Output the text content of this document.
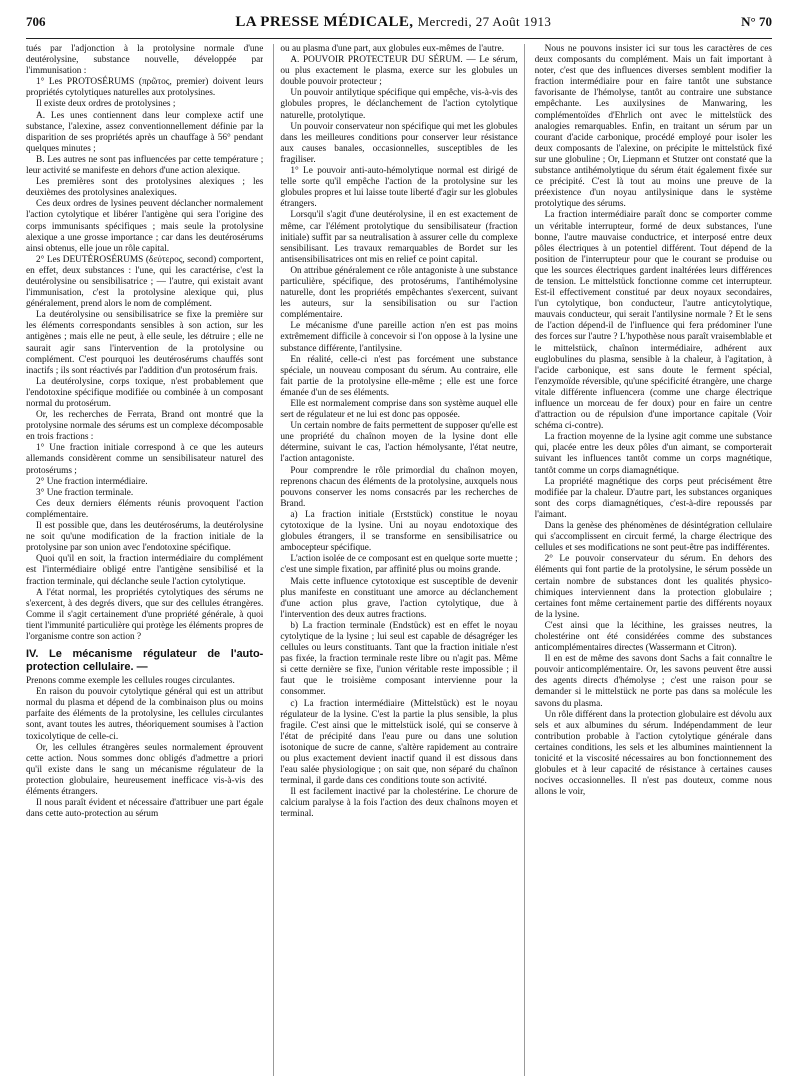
706	LA PRESSE MÉDICALE, Mercredi, 27 Août 1913	N° 70

tués par l'adjonction à la protolysine normale d'une deutérolysine, substance nouvelle, développée par l'immunisation :

1° Les PROTOSÉRUMS (πρῶτος, premier) doivent leurs propriétés cytolytiques naturelles aux protolysines.

Il existe deux ordres de protolysines ;

A. Les unes contiennent dans leur complexe actif une substance, l'alexine, assez conventionnellement définie par la disparition de ses propriétés après un chauffage à 56° pendant quelques minutes ;

B. Les autres ne sont pas influencées par cette température ; leur activité se manifeste en dehors d'une action alexique.

Les premières sont des protolysines alexiques ; les deuxièmes des protolysines analexiques.

Ces deux ordres de lysines peuvent déclancher normalement l'action cytolytique et libérer l'antigène qui sera l'origine des corps immunisants spécifiques ; mais seule la protolysine alexique a une grosse importance ; car dans les deutérosérums ainsi obtenus, elle joue un rôle capital.

2° Les DEUTÉROSÉRUMS (δεύτερος, second) comportent, en effet, deux substances : l'une, qui les caractérise, c'est la deutérolysine ou sensibilisatrice ; — l'autre, qui existait avant l'immunisation, c'est la protolysine alexique qui, plus généralement, prend alors le nom de complément.

La deutérolysine ou sensibilisatrice se fixe la première sur les éléments correspondants sensibles à son action, sur les antigènes ; mais elle ne peut, à elle seule, les détruire ; elle ne saurait agir sans l'intervention de la protolysine ou complément. C'est pourquoi les deutérosérums chauffés sont inactifs ; ils sont réactivés par l'addition d'un protosérum frais.

La deutérolysine, corps toxique, n'est probablement que l'endotoxine spécifique modifiée ou combinée à un composant normal du protosérum.

Or, les recherches de Ferrata, Brand ont montré que la protolysine normale des sérums est un complexe décomposable en trois fractions :

1° Une fraction initiale correspond à ce que les auteurs allemands considèrent comme un sensibilisateur naturel des protosérums ;

2° Une fraction intermédiaire.

3° Une fraction terminale.

Ces deux derniers éléments réunis provoquent l'action complémentaire.

Il est possible que, dans les deutérosérums, la deutérolysine ne soit qu'une modification de la fraction initiale de la protolysine par son union avec l'endotoxine spécifique.

Quoi qu'il en soit, la fraction intermédiaire du complément est l'intermédiaire obligé entre l'antigène sensibilisé et la fraction terminale, qui déclanche seule l'action cytolytique.

A l'état normal, les propriétés cytolytiques des sérums ne s'exercent, à des degrés divers, que sur des cellules étrangères. Comme il s'agit certainement d'une propriété générale, à quoi tient l'immunité particulière qui protège les éléments propres de l'organisme contre son action ?

IV. Le mécanisme régulateur de l'auto-protection cellulaire. —

Prenons comme exemple les cellules rouges circulantes.

En raison du pouvoir cytolytique général qui est un attribut normal du plasma et dépend de la combinaison plus ou moins parfaite des éléments de la protolysine, les cellules circulantes sont, avant toutes les autres, théoriquement soumises à l'action toxicolytique de celle-ci.

Or, les cellules étrangères seules normalement éprouvent cette action. Nous sommes donc obligés d'admettre a priori qu'il existe dans le sang un mécanisme régulateur de la protection globulaire, heureusement inefficace vis-à-vis des éléments étrangers.

Il nous paraît évident et nécessaire d'attribuer une part égale dans cette auto-protection au sérum

ou au plasma d'une part, aux globules eux-mêmes de l'autre.

A. POUVOIR PROTECTEUR DU SÉRUM. — Le sérum, ou plus exactement le plasma, exerce sur les globules un double pouvoir protecteur ;

Un pouvoir antilytique spécifique qui empêche, vis-à-vis des globules propres, le déclanchement de l'action cytolytique naturelle, protolytique.

Un pouvoir conservateur non spécifique qui met les globules dans les meilleures conditions pour conserver leur résistance aux causes banales, occasionnelles, susceptibles de les fragiliser.

1° Le pouvoir anti-auto-hémolytique normal est dirigé de telle sorte qu'il empêche l'action de la protolysine sur les globules propres et lui laisse toute liberté d'agir sur les globules étrangers.

Lorsqu'il s'agit d'une deutérolysine, il en est exactement de même, car l'élément protolytique du sensibilisateur (fraction initiale) suffit par sa neutralisation à assurer celle du complexe sensibilisant. Les travaux remarquables de Bordet sur les antisensibilisatrices ont mis en relief ce point capital.

On attribue généralement ce rôle antagoniste à une substance particulière, spécifique, des protosérums, l'antihémolysine naturelle, dont les propriétés empêchantes s'exercent, suivant les auteurs, sur la sensibilisation ou sur l'action complémentaire.

Le mécanisme d'une pareille action n'en est pas moins extrêmement difficile à concevoir si l'on oppose à la lysine une substance différente, l'antilysine.

En réalité, celle-ci n'est pas forcément une substance spéciale, un nouveau composant du sérum. Au contraire, elle fait partie de la protolysine elle-même ; elle est une force émanée d'un de ses éléments.

Elle est normalement comprise dans son système auquel elle sert de régulateur et ne lui est donc pas opposée.

Un certain nombre de faits permettent de supposer qu'elle est une propriété du chaînon moyen de la lysine dont elle détermine, suivant le cas, l'action hémolysante, l'état neutre, l'action antagoniste.

Pour comprendre le rôle primordial du chaînon moyen, reprenons chacun des éléments de la protolysine, auxquels nous pouvons conserver les noms consacrés par les recherches de Brand.

a) La fraction initiale (Erststück) constitue le noyau cytotoxique de la lysine. Uni au noyau endotoxique des globules étrangers, il se transforme en sensibilisatrice ou ambocepteur spécifique.

L'action isolée de ce composant est en quelque sorte muette ; c'est une simple fixation, par affinité plus ou moins grande.

Mais cette influence cytotoxique est susceptible de devenir plus manifeste en constituant une amorce au déclanchement d'une action plus grave, l'action cytolytique, due à l'intervention des deux autres fractions.

b) La fraction terminale (Endstück) est en effet le noyau cytolytique de la lysine ; lui seul est capable de désagréger les cellules ou leurs constituants. Tant que la fraction initiale n'est pas fixée, la fraction terminale reste libre ou n'agit pas. Même si cette dernière se fixe, l'union véritable reste impossible ; il faut que le troisième composant intervienne pour la consommer.

c) La fraction intermédiaire (Mittelstück) est le noyau régulateur de la lysine. C'est la partie la plus sensible, la plus fragile. C'est ainsi que le mittelstück isolé, qui se conserve à l'état de précipité dans l'eau pure ou dans une solution isotonique de sucre de canne, s'altère rapidement au contraire ou plus exactement devient inactif quand il est dissous dans l'eau salée physiologique ; on sait que, non séparé du chaînon terminal, il garde dans ces conditions toute son activité.

Il est facilement inactivé par la cholestérine. Le chorure de calcium paralyse à la fois l'action des deux chaînons moyen et terminal.

Nous ne pouvons insister ici sur tous les caractères de ces deux composants du complément. Mais un fait important à noter, c'est que des influences diverses semblent modifier la fraction intermédiaire pour en faire tantôt une substance favorisante de l'hémolyse, tantôt au contraire une substance empêchante. Les auxilysines de Manwaring, les complémentoïdes d'Ehrlich ont avec le mittelstück des analogies remarquables. Enfin, en traitant un sérum par un courant d'acide carbonique, procédé employé pour isoler les deux composants de l'alexine, on précipite le mittelstück fixé sur une globuline ; Or, Liepmann et Stutzer ont constaté que la substance antihémolytique du sérum était également fixée sur ce précipité. C'est là tout au moins une preuve de la préexistence d'un noyau antilysinique dans le système protolytique des sérums.

La fraction intermédiaire paraît donc se comporter comme un véritable interrupteur, formé de deux substances, l'une bonne, l'autre mauvaise conductrice, et interposé entre deux pôles électriques à un potentiel différent. Tout dépend de la position de l'interrupteur pour que le courant se produise ou que les sources électriques gardent inaltérées leurs différences de tension. Le mittelstück fonctionne comme cet interrupteur. Est-il effectivement constitué par deux noyaux secondaires, l'un cytolytique, bon conducteur, l'autre anticytolytique, mauvais conducteur, qui serait l'antilysine normale ? Et le sens de l'action dépend-il de l'influence qui fera prédominer l'une des forces sur l'autre ? L'hypothèse nous paraît vraisemblable et le mittelstück, chaînon intermédiaire, adhérent aux euglobulines du plasma, sensible à la chaleur, à l'agitation, à l'acide carbonique, est sans doute le ferment spécial, l'enzymoïde réversible, qu'une spécificité étrangère, une charge vitale différente influencera (comme une charge électrique influence un morceau de fer doux) pour en faire un centre d'attraction ou de répulsion d'une importance capitale (Voir schéma ci-contre).

La fraction moyenne de la lysine agit comme une substance qui, placée entre les deux pôles d'un aimant, se comporterait suivant les influences tantôt comme un corps magnétique, tantôt comme un corps diamagnétique.

La propriété magnétique des corps peut précisément être modifiée par la chaleur. D'autre part, les substances organiques sont des corps diamagnétiques, c'est-à-dire repoussés par l'aimant.

Dans la genèse des phénomènes de désintégration cellulaire qui s'accomplissent en circuit fermé, la charge électrique des cellules et ses modifications ne sont peut-être pas indifférentes.

2° Le pouvoir conservateur du sérum. En dehors des éléments qui font partie de la protolysine, le sérum possède un certain nombre de substances dont les qualités physico-chimiques interviennent dans la protection globulaire ; certaines font même certainement partie des différents noyaux de la lysine.

C'est ainsi que la lécithine, les graisses neutres, la cholestérine ont été considérées comme des substances anticomplémentaires directes (Wassermann et Citron).

Il en est de même des savons dont Sachs a fait connaître le pouvoir anticomplémentaire. Or, les savons peuvent être aussi des agents directs d'hémolyse ; c'est une raison pour se demander si le mittelstück ne porte pas dans sa molécule les savons du plasma.

Un rôle différent dans la protection globulaire est dévolu aux sels et aux albumines du sérum. Indépendamment de leur contribution probable à l'action cytolytique générale dans certaines conditions, les sels et les albumines maintiennent la tonicité et la viscosité nécessaires au bon fonctionnement des globules et à leur capacité de résistance à certaines causes nocives occasionnelles. Il n'est pas douteux, comme nous allons le voir,
